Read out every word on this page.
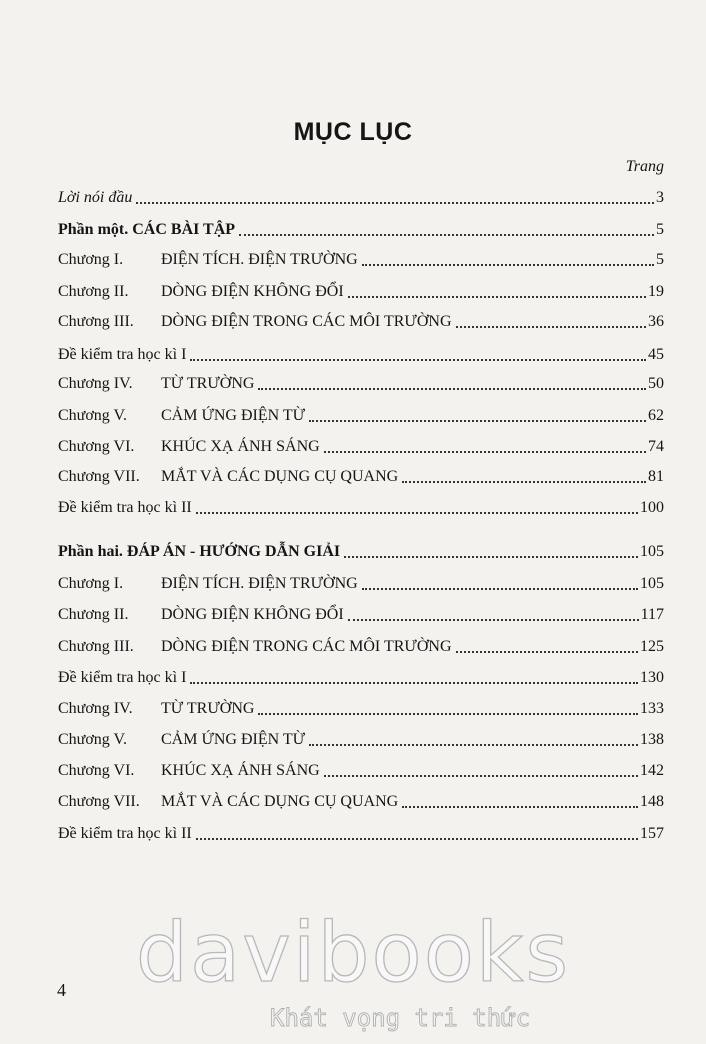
MỤC LỤC
Trang
Lời nói đầu	3
Phần một. CÁC BÀI TẬP	5
Chương I.	ĐIỆN TÍCH. ĐIỆN TRƯỜNG	5
Chương II.	DÒNG ĐIỆN KHÔNG ĐỔI	19
Chương III.	DÒNG ĐIỆN TRONG CÁC MÔI TRƯỜNG	36
Đề kiểm tra học kì I	45
Chương IV.	TỪ TRƯỜNG	50
Chương V.	CẢM ỨNG ĐIỆN TỪ	62
Chương VI.	KHÚC XẠ ÁNH SÁNG	74
Chương VII.	MẮT VÀ CÁC DỤNG CỤ QUANG	81
Đề kiểm tra học kì II	100
Phần hai. ĐÁP ÁN - HƯỚNG DẪN GIẢI	105
Chương I.	ĐIỆN TÍCH. ĐIỆN TRƯỜNG	105
Chương II.	DÒNG ĐIỆN KHÔNG ĐỔI	117
Chương III.	DÒNG ĐIỆN TRONG CÁC MÔI TRƯỜNG	125
Đề kiểm tra học kì I	130
Chương IV.	TỪ TRƯỜNG	133
Chương V.	CẢM ỨNG ĐIỆN TỪ	138
Chương VI.	KHÚC XẠ ÁNH SÁNG	142
Chương VII.	MẮT VÀ CÁC DỤNG CỤ QUANG	148
Đề kiểm tra học kì II	157
4 davibooks
Khát vọng tri thức
